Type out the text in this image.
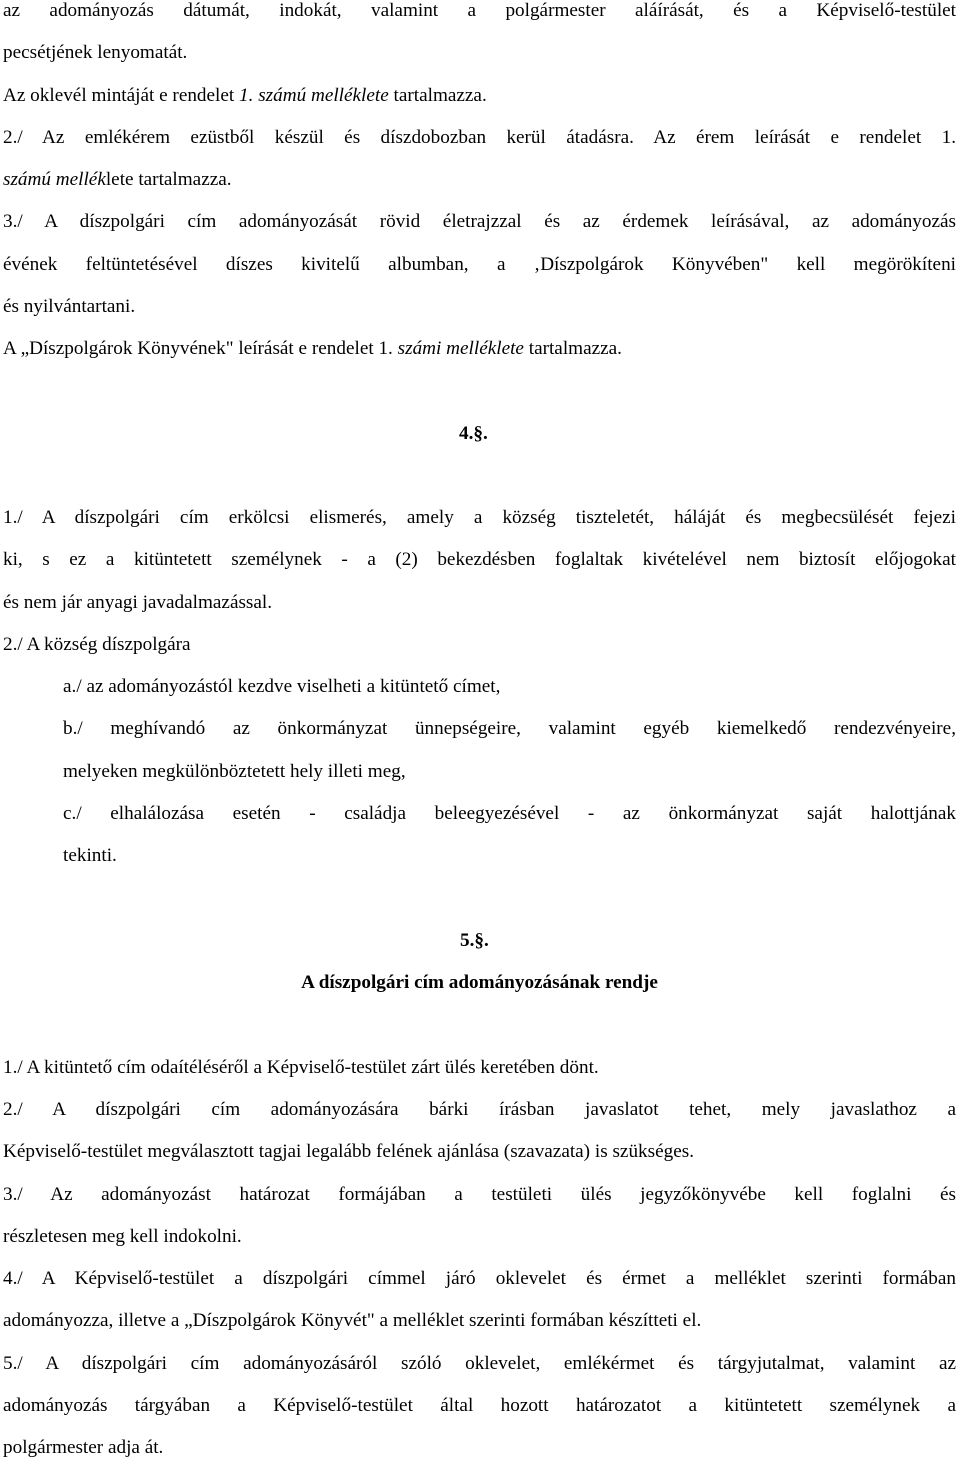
az adományozás dátumát, indokát, valamint a polgármester aláírását, és a Képviselő-testület
pecsétjének lenyomatát.
Az oklevél mintáját e rendelet 1. számú melléklete tartalmazza.
2./ Az emlékérem ezüstből készül és díszdobozban kerül átadásra. Az érem leírását e rendelet 1.
számú melléklete tartalmazza.
3./ A díszpolgári cím adományozását rövid életrajzzal és az érdemek leírásával, az adományozás
évének feltüntetésével díszes kivitelű albumban, a ‚Díszpolgárok Könyvében" kell megörökíteni
és nyilvántartani.
A „Díszpolgárok Könyvének" leírását e rendelet 1. számi melléklete tartalmazza.
4.§.
1./ A díszpolgári cím erkölcsi elismerés, amely a község tiszteletét, háláját és megbecsülését fejezi
ki, s ez a kitüntetett személynek - a (2) bekezdésben foglaltak kivételével nem biztosít előjogokat
és nem jár anyagi javadalmazással.
2./ A község díszpolgára
a./ az adományozástól kezdve viselheti a kitüntető címet,
b./ meghívandó az önkormányzat ünnepségeire, valamint egyéb kiemelkedő rendezvényeire,
melyeken megkülönböztetett hely illeti meg,
c./ elhalálozása esetén - családja beleegyezésével - az önkormányzat saját halottjának
tekinti.
5.§.
A díszpolgári cím adományozásának rendje
1./ A kitüntető cím odaítéléséről a Képviselő-testület zárt ülés keretében dönt.
2./ A díszpolgári cím adományozására bárki írásban javaslatot tehet, mely javaslathoz a
Képviselő-testület megválasztott tagjai legalább felének ajánlása (szavazata) is szükséges.
3./ Az adományozást határozat formájában a testületi ülés jegyzőkönyvébe kell foglalni és
részletesen meg kell indokolni.
4./ A Képviselő-testület a díszpolgári címmel járó oklevelet és érmet a melléklet szerinti formában
adományozza, illetve a „Díszpolgárok Könyvét" a melléklet szerinti formában készítteti el.
5./ A díszpolgári cím adományozásáról szóló oklevelet, emlékérmet és tárgyjutalmat, valamint az
adományozás tárgyában a Képviselő-testület által hozott határozatot a kitüntetett személynek a
polgármester adja át.
